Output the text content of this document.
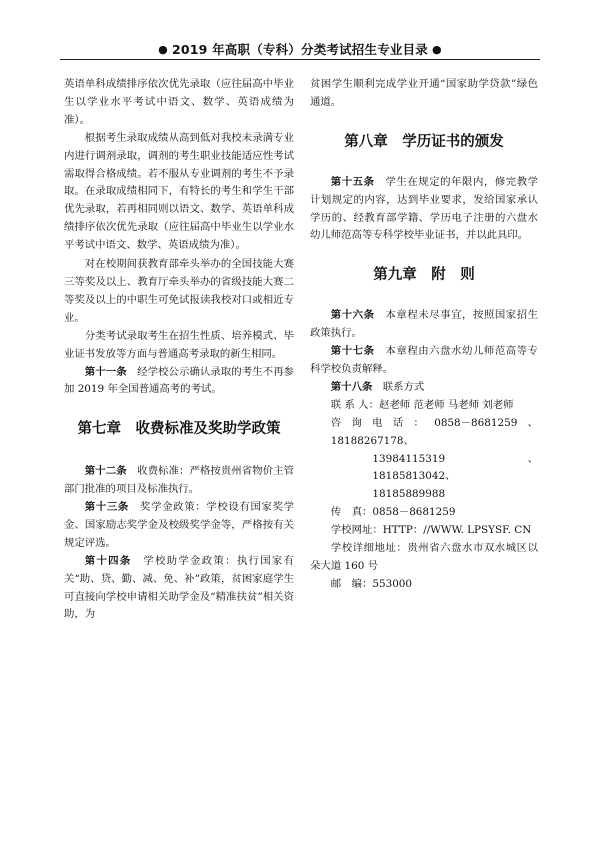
● 2019 年高职（专科）分类考试招生专业目录 ●

英语单科成绩排序依次优先录取（应往届高中毕业生以学业水平考试中语文、数学、英语成绩为准）。

根据考生录取成绩从高到低对我校未录满专业内进行调剂录取，调剂的考生职业技能适应性考试需取得合格成绩。若不服从专业调剂的考生不予录取。在录取成绩相同下，有特长的考生和学生干部优先录取，若再相同则以语文、数学、英语单科成绩排序依次优先录取（应往届高中毕业生以学业水平考试中语文、数学、英语成绩为准）。

对在校期间获教育部牵头举办的全国技能大赛三等奖及以上、教育厅牵头举办的省级技能大赛二等奖及以上的中职生可免试报读我校对口或相近专业。

分类考试录取考生在招生性质、培养模式、毕业证书发放等方面与普通高考录取的新生相同。

第十一条　 经学校公示确认录取的考生不再参加 2019 年全国普通高考的考试。

第七章　收费标准及奖助学政策

第十二条　 收费标准：严格按贵州省物价主管部门批准的项目及标准执行。

第十三条　 奖学金政策：学校设有国家奖学金、国家励志奖学金及校级奖学金等，严格按有关规定评选。

第十四条　 学校助学金政策：执行国家有关“助、贷、勤、减、免、补”政策，贫困家庭学生可直接向学校申请相关助学金及“精准扶贫”相关资助，为

贫困学生顺利完成学业开通“国家助学贷款”绿色通道。

第八章　学历证书的颁发

第十五条　 学生在规定的年限内，修完教学计划规定的内容，达到毕业要求，发给国家承认学历的、经教育部学籍、学历电子注册的六盘水幼儿师范高等专科学校毕业证书，并以此具印。

第九章　附　则

第十六条　 本章程未尽事宜，按照国家招生政策执行。

第十七条　 本章程由六盘水幼儿师范高等专科学校负责解释。

第十八条　 联系方式

联 系 人：赵老师 范老师 马老师 刘老师

咨询电话：0858－8681259、18188267178、

13984115319、18185813042、

18185889988

传　真：0858－8681259

学校网址：HTTP：//WWW. LPSYSF. CN

学校详细地址：贵州省六盘水市双水城区以朵大道 160 号

邮　编：553000
